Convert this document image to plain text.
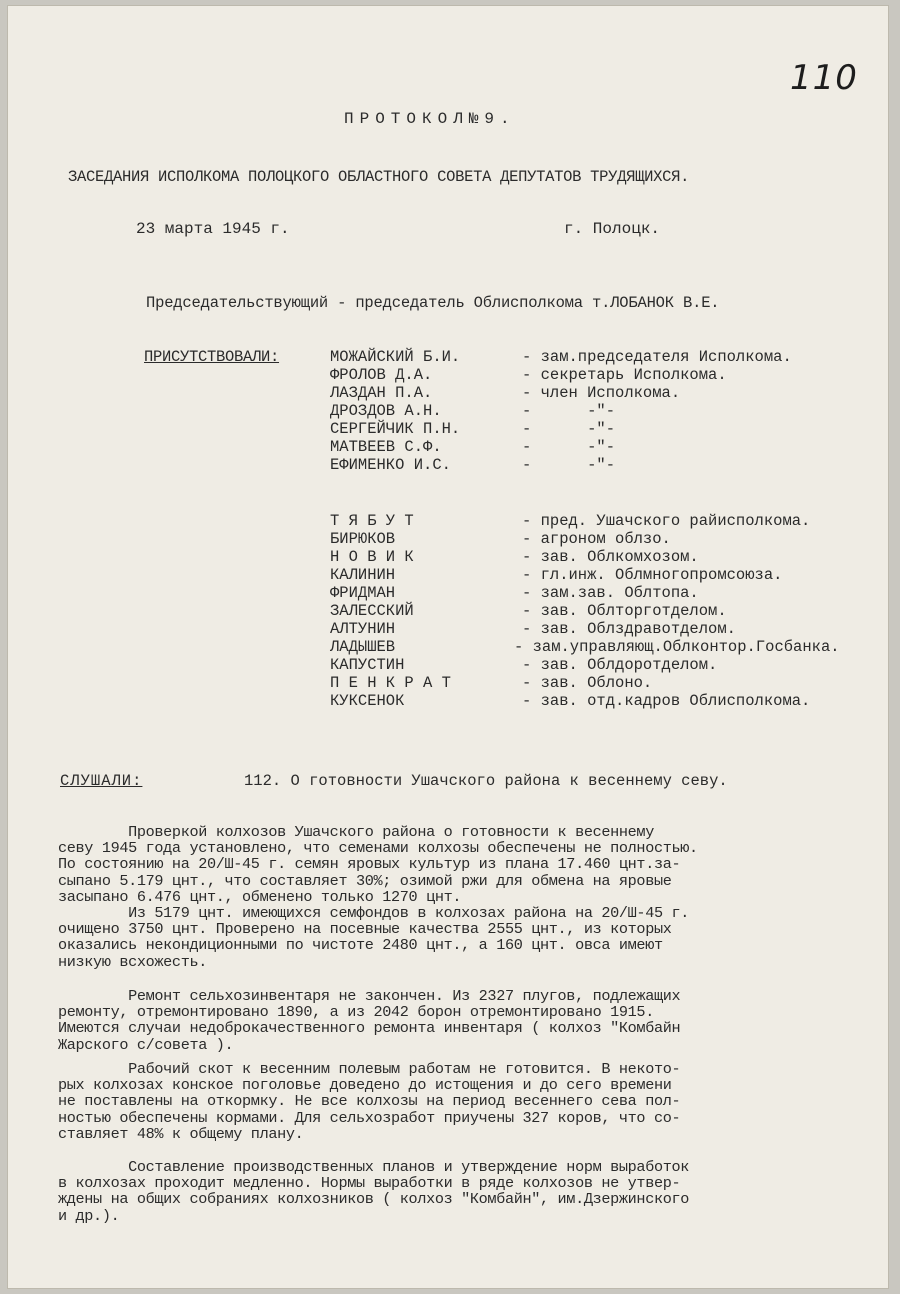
110
ПРОТОКОЛ№9.
ЗАСЕДАНИЯ ИСПОЛКОМА ПОЛОЦКОГО ОБЛАСТНОГО СОВЕТА ДЕПУТАТОВ ТРУДЯЩИХСЯ.
23 марта 1945 г.	г. Полоцк.
Председательствующий - председатель Облисполкома т.ЛОБАНОК В.Е.
ПРИСУТСТВОВАЛИ:	МОЖАЙСКИЙ Б.И.	- зам.председателя Исполкома.
ФРОЛОВ Д.А.	- секретарь Исполкома.
ЛАЗДАН П.А.	- член Исполкома.
ДРОЗДОВ А.Н.	-      -"-
СЕРГЕЙЧИК П.Н.	-      -"-
МАТВЕЕВ С.Ф.	-      -"-
ЕФИМЕНКО И.С.	-      -"-
Т Я Б У Т	- пред. Ушачского райисполкома.
БИРЮКОВ	- агроном облзо.
Н О В И К	- зав. Облкомхозом.
КАЛИНИН	- гл.инж. Облмногопромсоюза.
ФРИДМАН	- зам.зав. Облтопа.
ЗАЛЕССКИЙ	- зав. Облторготделом.
АЛТУНИН	- зав. Облздравотделом.
ЛАДЫШЕВ	- зам.управляющ.Облконтор.Госбанка.
КАПУСТИН	- зав. Облдоротделом.
П Е Н К Р А Т	- зав. Облоно.
КУКСЕНОК	- зав. отд.кадров Облисполкома.
СЛУШАЛИ:	112. О готовности Ушачского района к весеннему севу.
Проверкой колхозов Ушачского района о готовности к весеннему
севу 1945 года установлено, что семенами колхозы обеспечены не полностью.
По состоянию на 20/Ш-45 г. семян яровых культур из плана 17.460 цнт.за-
сыпано 5.179 цнт., что составляет 30%; озимой ржи для обмена на яровые
засыпано 6.476 цнт., обменено только 1270 цнт.
Из 5179 цнт. имеющихся семфондов в колхозах района на 20/Ш-45 г.
очищено 3750 цнт. Проверено на посевные качества 2555 цнт., из которых
оказались некондиционными по чистоте 2480 цнт., а 160 цнт. овса имеют
низкую всхожесть.
Ремонт сельхозинвентаря не закончен. Из 2327 плугов, подлежащих
ремонту, отремонтировано 1890, а из 2042 борон отремонтировано 1915.
Имеются случаи недоброкачественного ремонта инвентаря ( колхоз "Комбайн
Жарского с/совета ).
Рабочий скот к весенним полевым работам не готовится. В некото-
рых колхозах конское поголовье доведено до истощения и до сего времени
не поставлены на откормку. Не все колхозы на период весеннего сева пол-
ностью обеспечены кормами. Для сельхозработ приучены 327 коров, что со-
ставляет 48% к общему плану.
Составление производственных планов и утверждение норм выработок
в колхозах проходит медленно. Нормы выработки в ряде колхозов не утвер-
ждены на общих собраниях колхозников ( колхоз "Комбайн", им.Дзержинского
и др.).
